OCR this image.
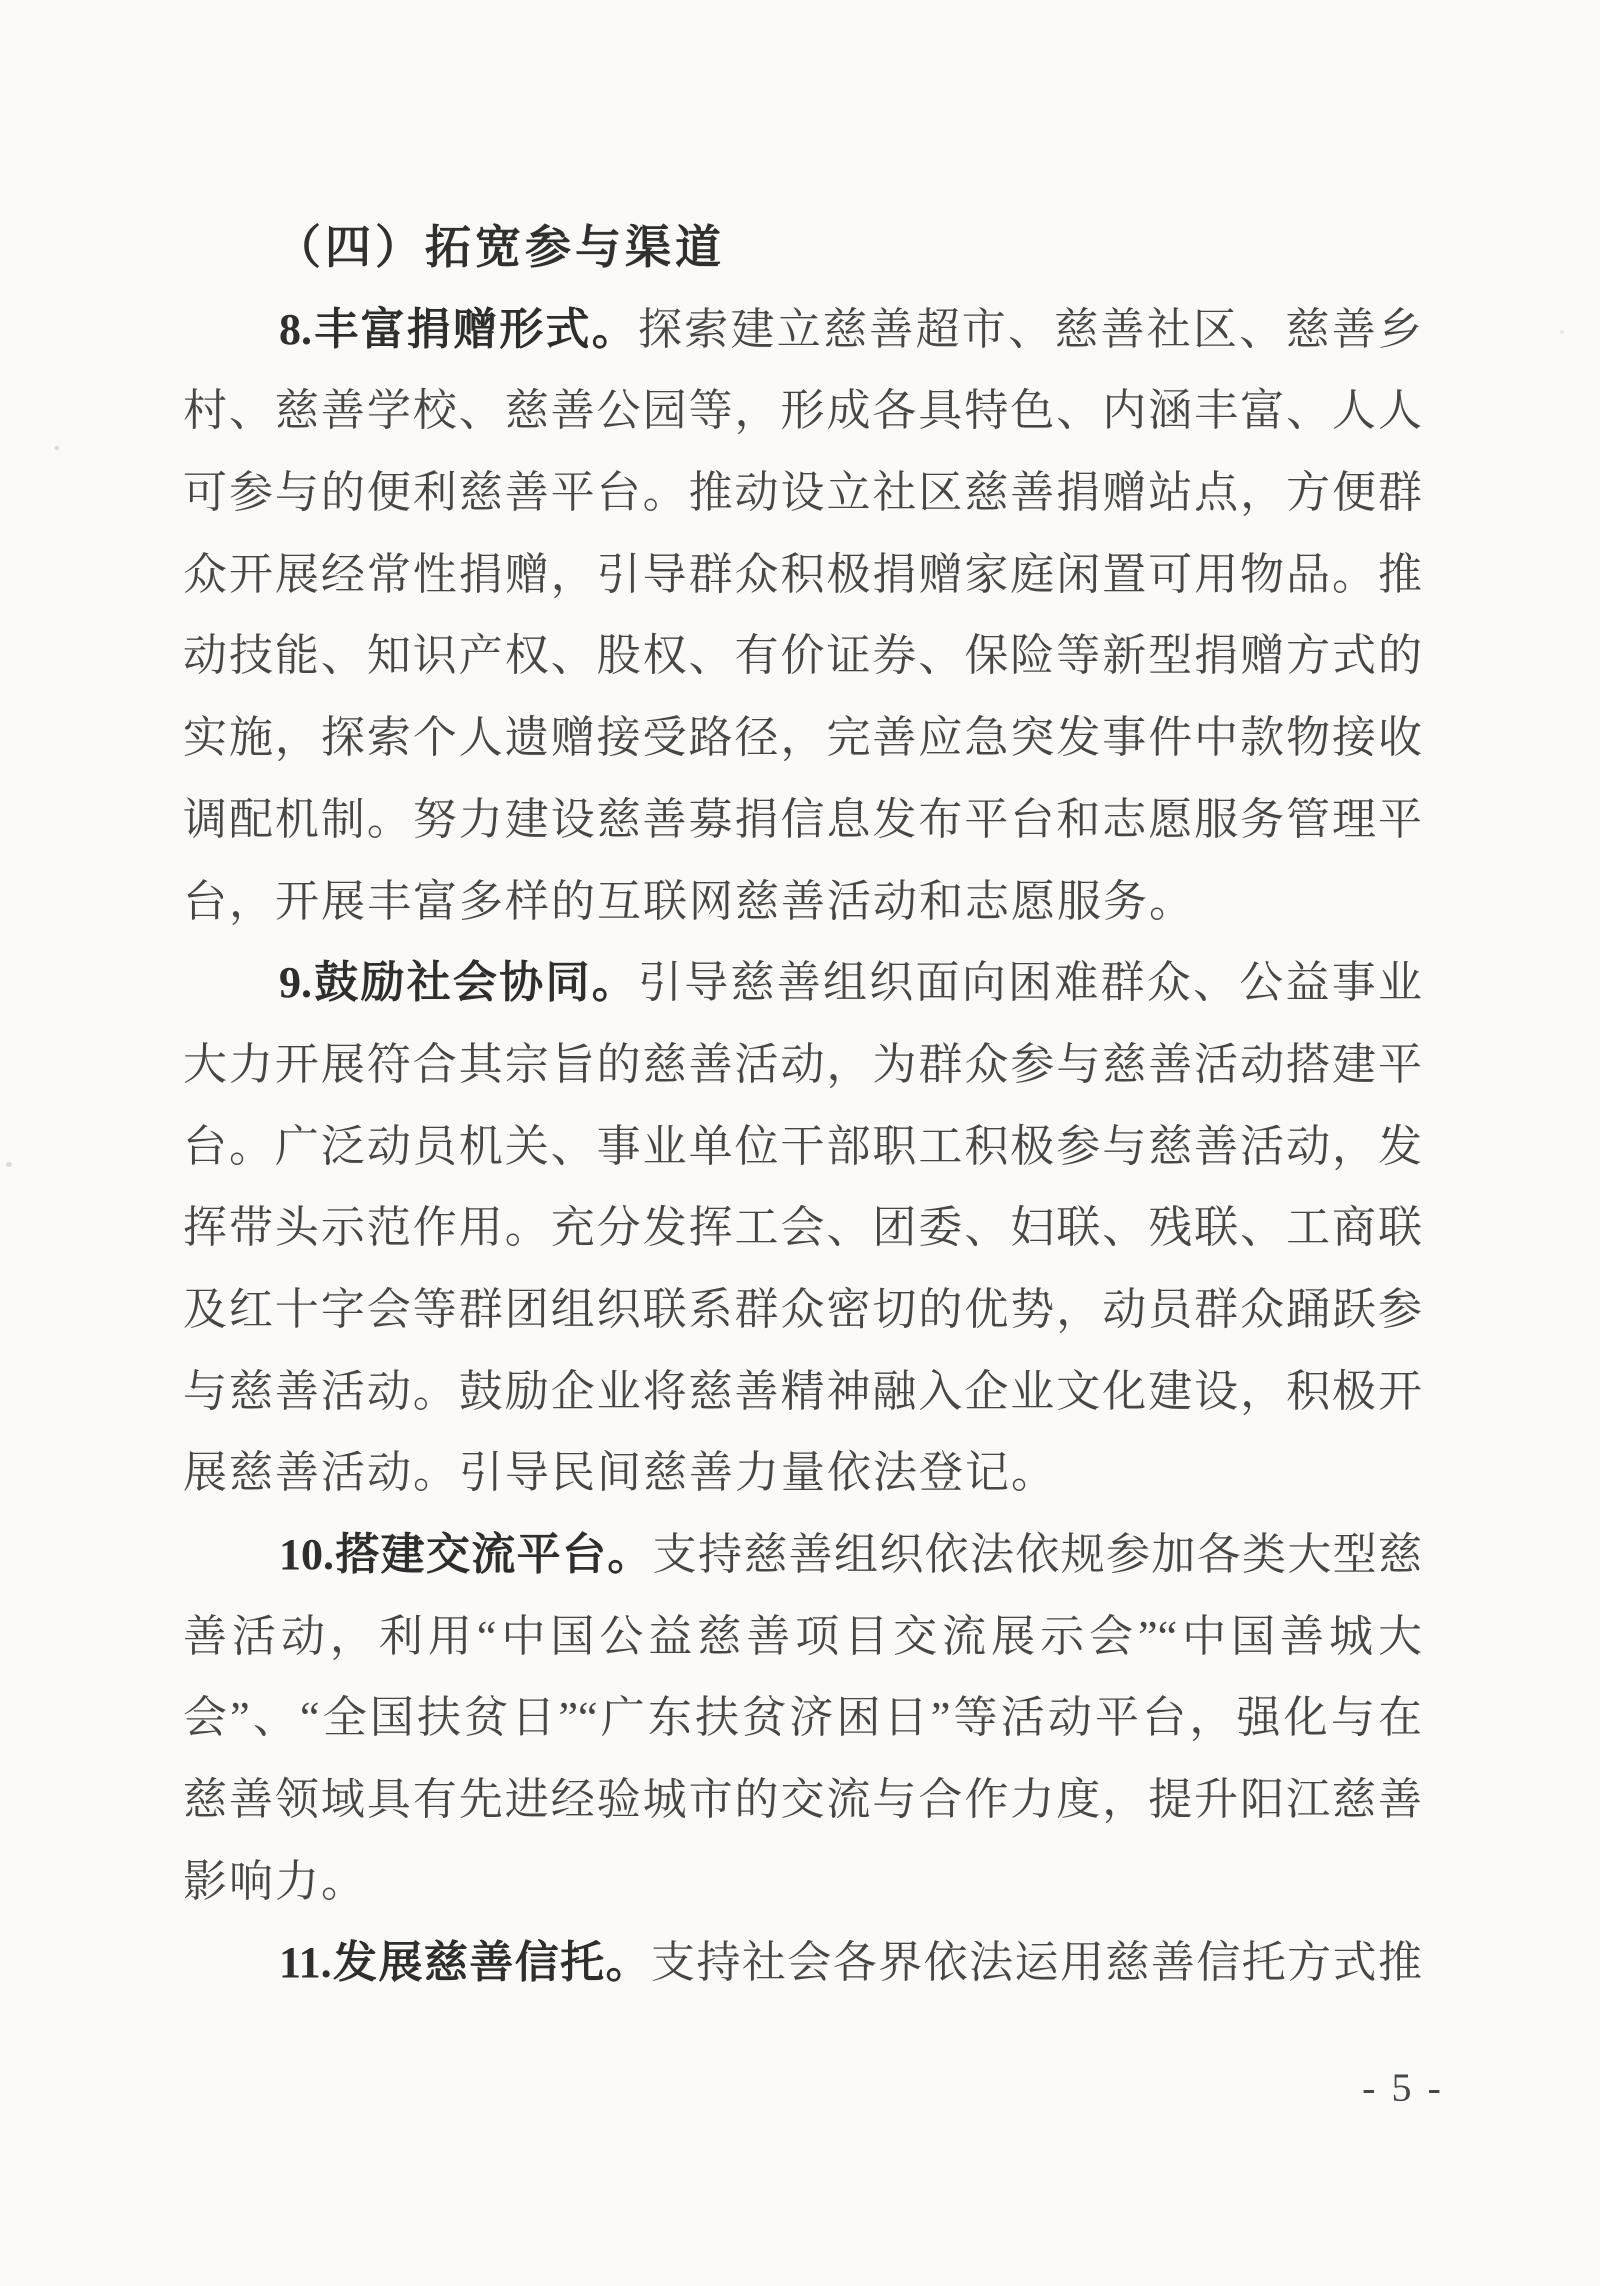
（四）拓宽参与渠道
8.丰富捐赠形式。探索建立慈善超市、慈善社区、慈善乡
村、慈善学校、慈善公园等，形成各具特色、内涵丰富、人人
可参与的便利慈善平台。推动设立社区慈善捐赠站点，方便群
众开展经常性捐赠，引导群众积极捐赠家庭闲置可用物品。推
动技能、知识产权、股权、有价证券、保险等新型捐赠方式的
实施，探索个人遗赠接受路径，完善应急突发事件中款物接收
调配机制。努力建设慈善募捐信息发布平台和志愿服务管理平
台，开展丰富多样的互联网慈善活动和志愿服务。
9.鼓励社会协同。引导慈善组织面向困难群众、公益事业
大力开展符合其宗旨的慈善活动，为群众参与慈善活动搭建平
台。广泛动员机关、事业单位干部职工积极参与慈善活动，发
挥带头示范作用。充分发挥工会、团委、妇联、残联、工商联
及红十字会等群团组织联系群众密切的优势，动员群众踊跃参
与慈善活动。鼓励企业将慈善精神融入企业文化建设，积极开
展慈善活动。引导民间慈善力量依法登记。
10.搭建交流平台。支持慈善组织依法依规参加各类大型慈
善活动，利用“中国公益慈善项目交流展示会”“中国善城大
会”、“全国扶贫日”“广东扶贫济困日”等活动平台，强化与在
慈善领域具有先进经验城市的交流与合作力度，提升阳江慈善
影响力。
11.发展慈善信托。支持社会各界依法运用慈善信托方式推
- 5 -
